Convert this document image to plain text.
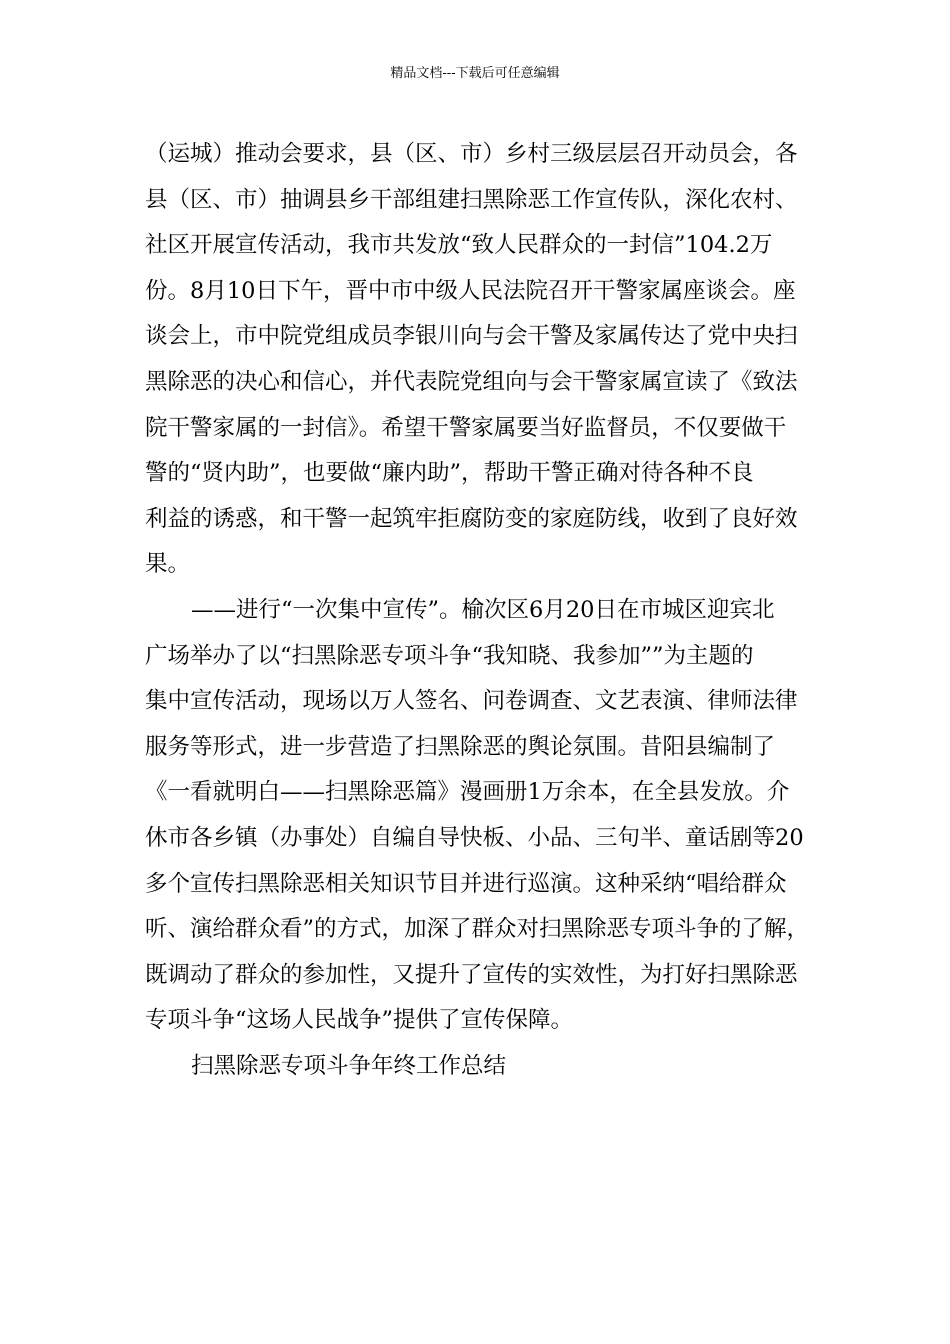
精品文档---下载后可任意编辑
（运城）推动会要求，县（区、市）乡村三级层层召开动员会，各
县（区、市）抽调县乡干部组建扫黑除恶工作宣传队，深化农村、
社区开展宣传活动，我市共发放“致人民群众的一封信”104.2万
份。8月10日下午，晋中市中级人民法院召开干警家属座谈会。座
谈会上，市中院党组成员李银川向与会干警及家属传达了党中央扫
黑除恶的决心和信心，并代表院党组向与会干警家属宣读了《致法
院干警家属的一封信》。希望干警家属要当好监督员，不仅要做干
警的“贤内助”，也要做“廉内助”，帮助干警正确对待各种不良
利益的诱惑，和干警一起筑牢拒腐防变的家庭防线，收到了良好效
果。
——进行“一次集中宣传”。榆次区6月20日在市城区迎宾北
广场举办了以“扫黑除恶专项斗争“我知晓、我参加””为主题的
集中宣传活动，现场以万人签名、问卷调查、文艺表演、律师法律
服务等形式，进一步营造了扫黑除恶的舆论氛围。昔阳县编制了
《一看就明白——扫黑除恶篇》漫画册1万余本，在全县发放。介
休市各乡镇（办事处）自编自导快板、小品、三句半、童话剧等20
多个宣传扫黑除恶相关知识节目并进行巡演。这种采纳“唱给群众
听、演给群众看”的方式，加深了群众对扫黑除恶专项斗争的了解，
既调动了群众的参加性，又提升了宣传的实效性，为打好扫黑除恶
专项斗争“这场人民战争”提供了宣传保障。
扫黑除恶专项斗争年终工作总结
